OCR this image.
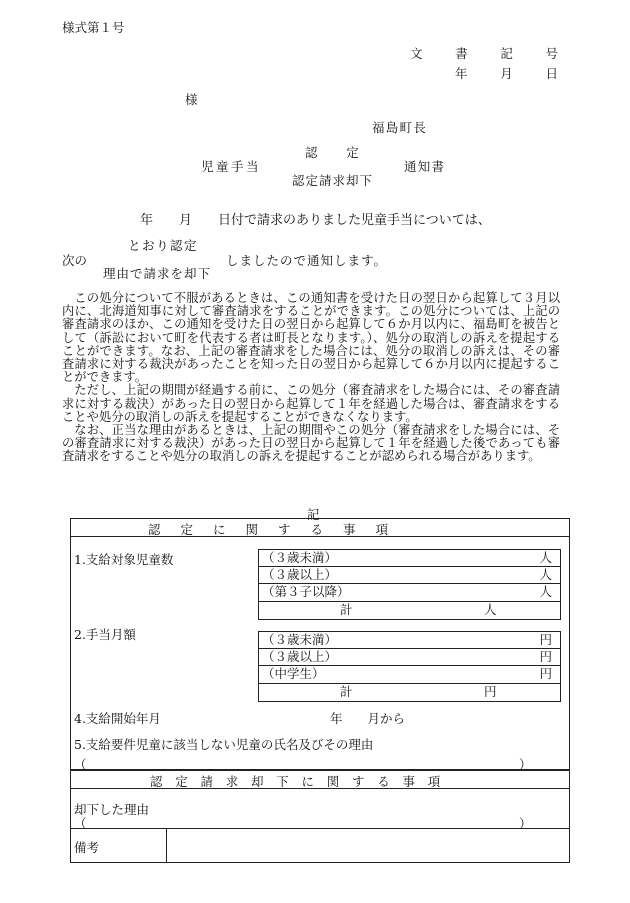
様式第１号
文　書　記　号
年　　月　　日
様
福島町長
認　　定
児童手当	通知書
認定請求却下
年　　月　　日付で請求のありました児童手当については、
とおり認定
次の	しましたので通知します。
理由で請求を却下

この処分について不服があるときは、この通知書を受けた日の翌日から起算して３月以内に、北海道知事に対して審査請求をすることができます。この処分については、上記の審査請求のほか、この通知を受けた日の翌日から起算して６か月以内に、福島町を被告として（訴訟において町を代表する者は町長となります。）、処分の取消しの訴えを提起することができます。なお、上記の審査請求をした場合には、処分の取消しの訴えは、その審査請求に対する裁決があったことを知った日の翌日から起算して６か月以内に提起することができます。

ただし、上記の期間が経過する前に、この処分（審査請求をした場合には、その審査請求に対する裁決）があった日の翌日から起算して１年を経過した場合は、審査請求をすることや処分の取消しの訴えを提起することができなくなります。

なお、正当な理由があるときは、上記の期間やこの処分（審査請求をした場合には、その審査請求に対する裁決）があった日の翌日から起算して１年を経過した後であっても審査請求をすることや処分の取消しの訴えを提起することが認められる場合があります。

記
認定に関する事項
1.支給対象児童数	（３歳未満）	人
（３歳以上）	人
（第３子以降）	人
計	人
2.手当月額	（３歳未満）	円
（３歳以上）	円
（中学生）	円
計	円
4.支給開始年月	年　　月から
5.支給要件児童に該当しない児童の氏名及びその理由
（	）
認定請求却下に関する事項
却下した理由
（	）
備考
